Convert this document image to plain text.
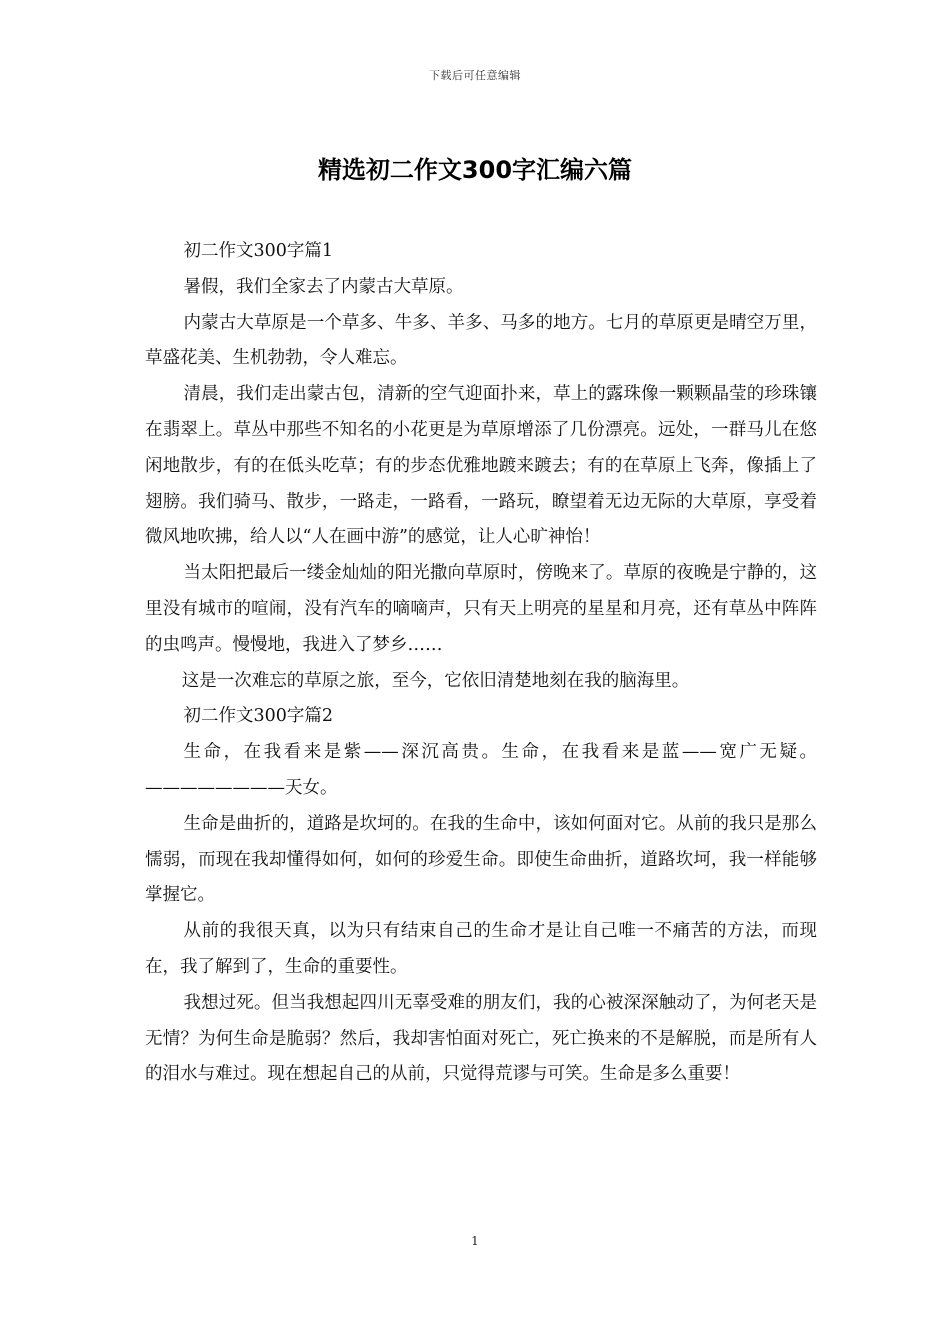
下载后可任意编辑
精选初二作文300字汇编六篇

初二作文300字篇1

暑假，我们全家去了内蒙古大草原。

内蒙古大草原是一个草多、牛多、羊多、马多的地方。七月的草原更是晴空万里，草盛花美、生机勃勃，令人难忘。

清晨，我们走出蒙古包，清新的空气迎面扑来，草上的露珠像一颗颗晶莹的珍珠镶在翡翠上。草丛中那些不知名的小花更是为草原增添了几份漂亮。远处，一群马儿在悠闲地散步，有的在低头吃草；有的步态优雅地踱来踱去；有的在草原上飞奔，像插上了翅膀。我们骑马、散步，一路走，一路看，一路玩，瞭望着无边无际的大草原，享受着微风地吹拂，给人以“人在画中游”的感觉，让人心旷神怡！

当太阳把最后一缕金灿灿的阳光撒向草原时，傍晚来了。草原的夜晚是宁静的，这里没有城市的喧闹，没有汽车的嘀嘀声，只有天上明亮的星星和月亮，还有草丛中阵阵的虫鸣声。慢慢地，我进入了梦乡……

这是一次难忘的草原之旅，至今，它依旧清楚地刻在我的脑海里。

初二作文300字篇2

生命，在我看来是紫——深沉高贵。生命，在我看来是蓝——宽广无疑。————————天女。

生命是曲折的，道路是坎坷的。在我的生命中，该如何面对它。从前的我只是那么懦弱，而现在我却懂得如何，如何的珍爱生命。即使生命曲折，道路坎坷，我一样能够掌握它。

从前的我很天真，以为只有结束自己的生命才是让自己唯一不痛苦的方法，而现在，我了解到了，生命的重要性。

我想过死。但当我想起四川无辜受难的朋友们，我的心被深深触动了，为何老天是无情？为何生命是脆弱？然后，我却害怕面对死亡，死亡换来的不是解脱，而是所有人的泪水与难过。现在想起自己的从前，只觉得荒谬与可笑。生命是多么重要！

1
